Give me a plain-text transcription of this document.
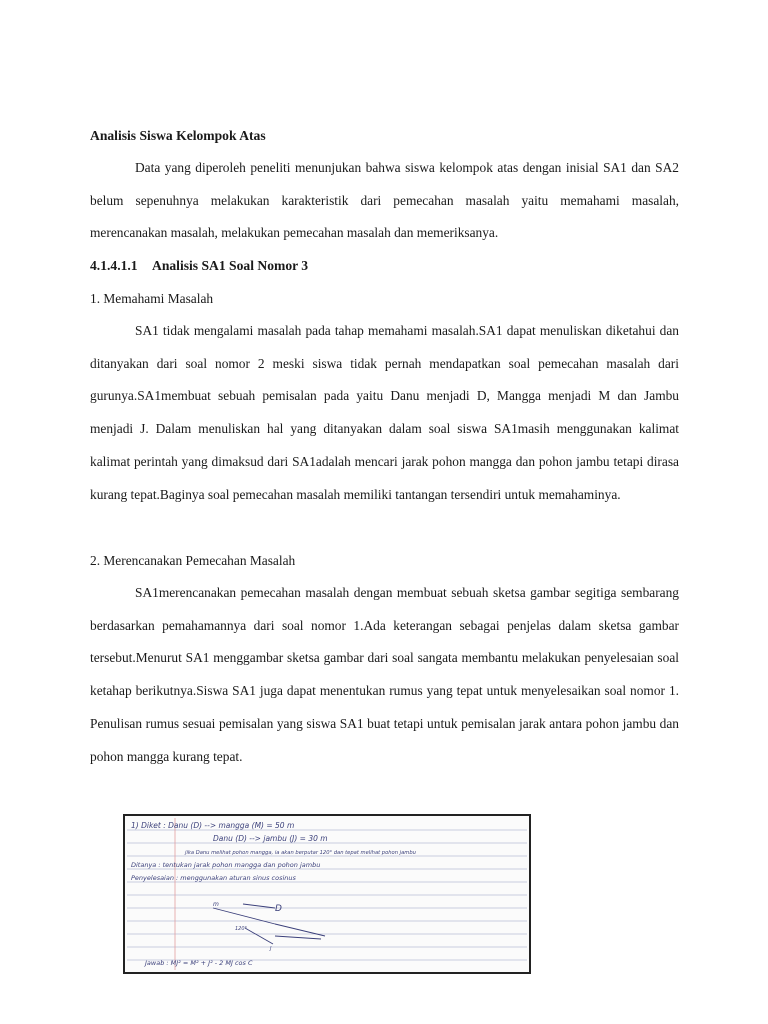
Analisis Siswa Kelompok Atas

Data yang diperoleh peneliti menunjukan bahwa siswa kelompok atas dengan inisial SA1 dan SA2 belum sepenuhnya melakukan karakteristik dari pemecahan masalah yaitu memahami masalah, merencanakan masalah, melakukan pemecahan masalah dan memeriksanya.

4.1.4.1.1 Analisis SA1 Soal Nomor 3
1. Memahami Masalah

SA1 tidak mengalami masalah pada tahap memahami masalah.SA1 dapat menuliskan diketahui dan ditanyakan dari soal nomor 2 meski siswa tidak pernah mendapatkan soal pemecahan masalah dari gurunya.SA1membuat sebuah pemisalan pada yaitu Danu menjadi D, Mangga menjadi M dan Jambu menjadi J. Dalam menuliskan hal yang ditanyakan dalam soal siswa SA1masih menggunakan kalimat kalimat perintah yang dimaksud dari SA1adalah mencari jarak pohon mangga dan pohon jambu tetapi dirasa kurang tepat.Baginya soal pemecahan masalah memiliki tantangan tersendiri untuk memahaminya.

2. Merencanakan Pemecahan Masalah

SA1merencanakan pemecahan masalah dengan membuat sebuah sketsa gambar segitiga sembarang berdasarkan pemahamannya dari soal nomor 1.Ada keterangan sebagai penjelas dalam sketsa gambar tersebut.Menurut SA1 menggambar sketsa gambar dari soal sangata membantu melakukan penyelesaian soal ketahap berikutnya.Siswa SA1 juga dapat menentukan rumus yang tepat untuk menyelesaikan soal nomor 1. Penulisan rumus sesuai pemisalan yang siswa SA1 buat tetapi untuk pemisalan jarak antara pohon jambu dan pohon mangga kurang tepat.

1) Diket : Danu (D) --> mangga (M) = 50 m
Danu (D) --> jambu (J) = 30 m
jika Danu melihat pohon mangga, ia akan berputar 120° dan tepat melihat pohon jambu
Ditanya : tentukan jarak pohon mangga dan pohon jambu
Penyelesaian : menggunakan aturan sinus cosinus
m	D
120°
J
Jawab : MJ² = M² + J² - 2 MJ cos C
